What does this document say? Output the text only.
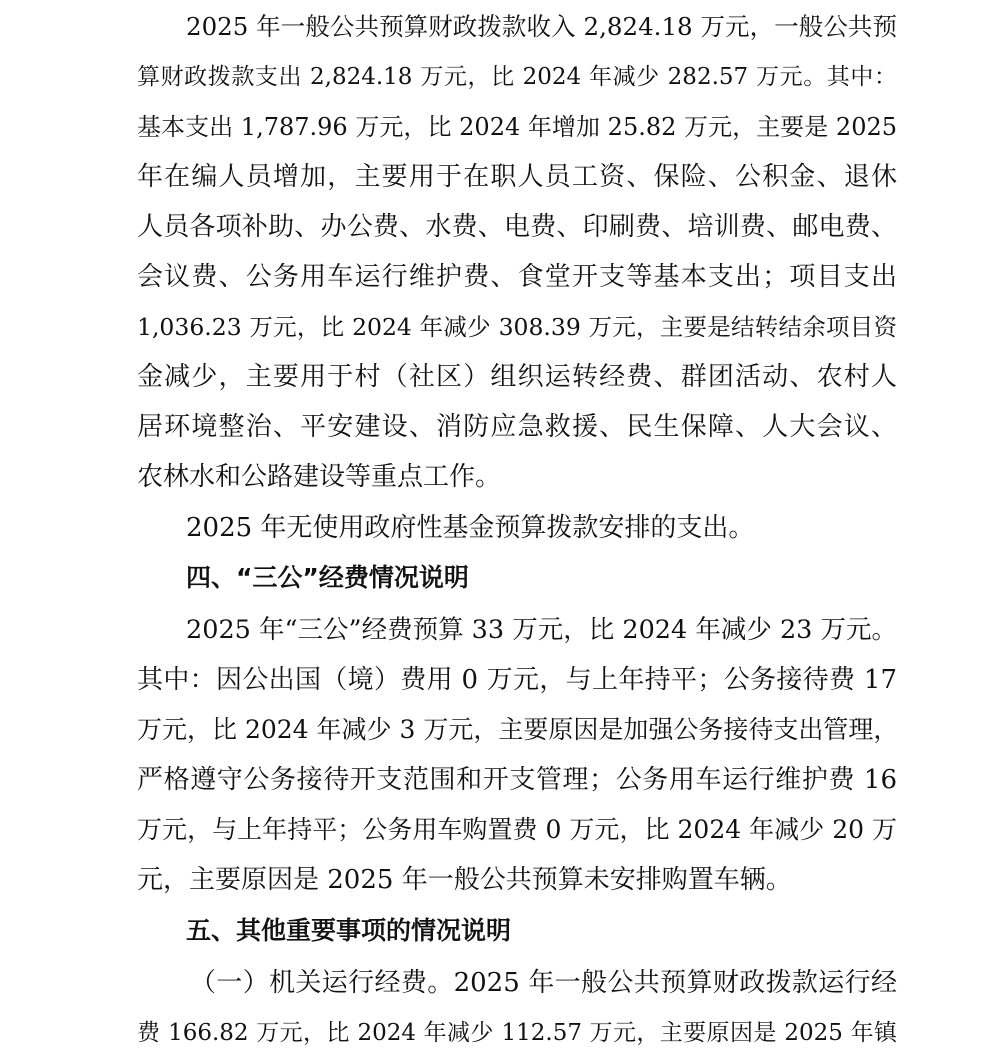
2025 年一般公共预算财政拨款收入 2,824.18 万元，一般公共预

算财政拨款支出 2,824.18 万元，比 2024 年减少 282.57 万元。其中：

基本支出 1,787.96 万元，比 2024 年增加 25.82 万元，主要是 2025

年在编人员增加，主要用于在职人员工资、保险、公积金、退休

人员各项补助、办公费、水费、电费、印刷费、培训费、邮电费、

会议费、公务用车运行维护费、食堂开支等基本支出；项目支出

1,036.23 万元，比 2024 年减少 308.39 万元，主要是结转结余项目资

金减少，主要用于村（社区）组织运转经费、群团活动、农村人

居环境整治、平安建设、消防应急救援、民生保障、人大会议、

农林水和公路建设等重点工作。

2025 年无使用政府性基金预算拨款安排的支出。

四、“三公”经费情况说明

2025 年“三公”经费预算 33 万元，比 2024 年减少 23 万元。

其中：因公出国（境）费用 0 万元，与上年持平；公务接待费 17

万元，比 2024 年减少 3 万元，主要原因是加强公务接待支出管理，

严格遵守公务接待开支范围和开支管理；公务用车运行维护费 16

万元，与上年持平；公务用车购置费 0 万元，比 2024 年减少 20 万

元，主要原因是 2025 年一般公共预算未安排购置车辆。

五、其他重要事项的情况说明

（一）机关运行经费。2025 年一般公共预算财政拨款运行经

费 166.82 万元，比 2024 年减少 112.57 万元，主要原因是 2025 年镇
